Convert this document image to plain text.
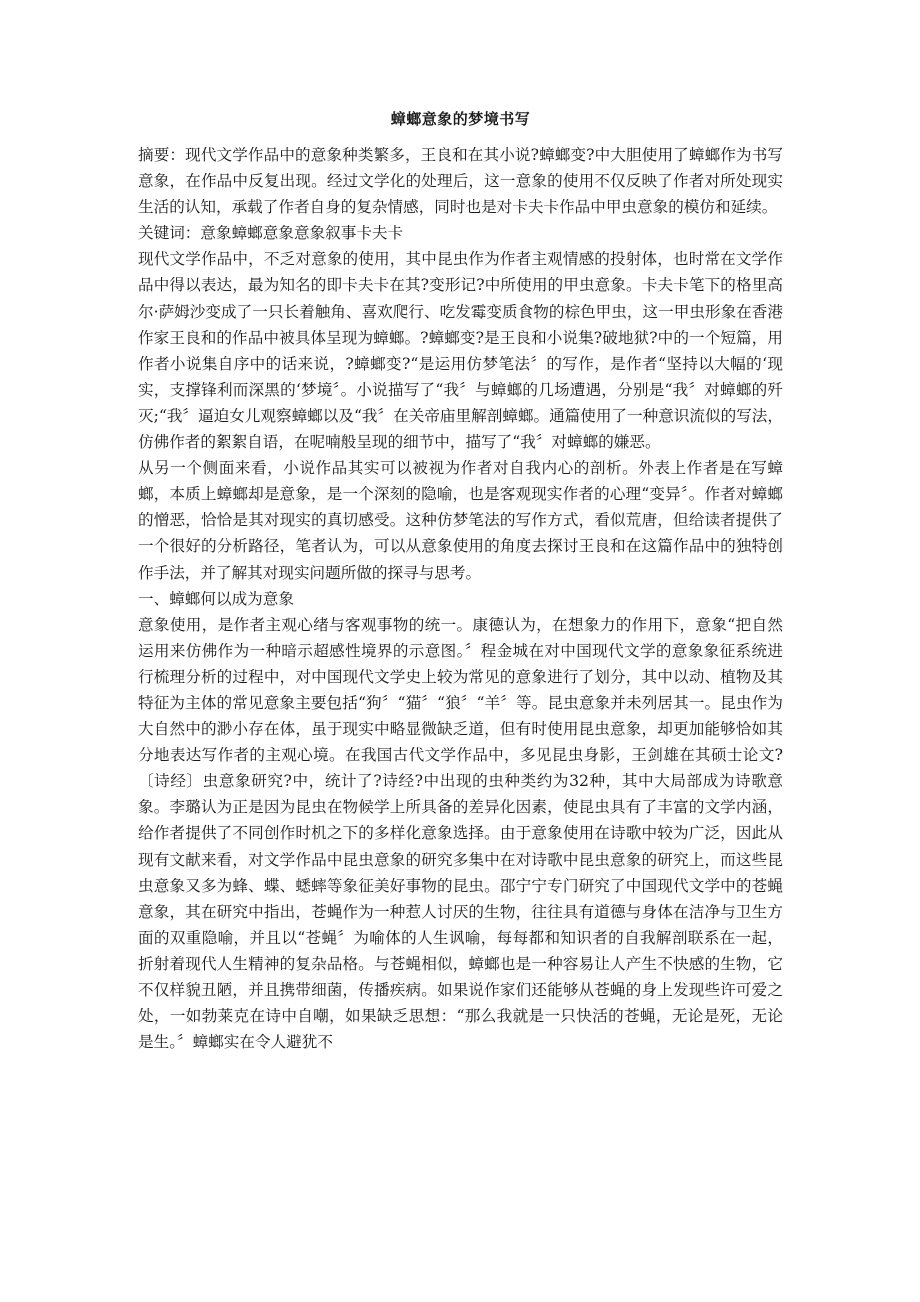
蟑螂意象的梦境书写

摘要：现代文学作品中的意象种类繁多，王良和在其小说?蟑螂变?中大胆使用了蟑螂作为书写意象，在作品中反复出现。经过文学化的处理后，这一意象的使用不仅反映了作者对所处现实生活的认知，承载了作者自身的复杂情感，同时也是对卡夫卡作品中甲虫意象的模仿和延续。

关键词：意象蟑螂意象意象叙事卡夫卡

现代文学作品中，不乏对意象的使用，其中昆虫作为作者主观情感的投射体，也时常在文学作品中得以表达，最为知名的即卡夫卡在其?变形记?中所使用的甲虫意象。卡夫卡笔下的格里高尔·萨姆沙变成了一只长着触角、喜欢爬行、吃发霉变质食物的棕色甲虫，这一甲虫形象在香港作家王良和的作品中被具体呈现为蟑螂。?蟑螂变?是王良和小说集?破地狱?中的一个短篇，用作者小说集自序中的话来说，?蟑螂变?“是运用仿梦笔法〞的写作，是作者“坚持以大幅的‘现实，支撑锋利而深黑的‘梦境〞。小说描写了“我〞与蟑螂的几场遭遇，分别是“我〞对蟑螂的歼灭;“我〞逼迫女儿观察蟑螂以及“我〞在关帝庙里解剖蟑螂。通篇使用了一种意识流似的写法，仿佛作者的絮絮自语，在呢喃般呈现的细节中，描写了“我〞对蟑螂的嫌恶。

从另一个侧面来看，小说作品其实可以被视为作者对自我内心的剖析。外表上作者是在写蟑螂，本质上蟑螂却是意象，是一个深刻的隐喻，也是客观现实作者的心理“变异〞。作者对蟑螂的憎恶，恰恰是其对现实的真切感受。这种仿梦笔法的写作方式，看似荒唐，但给读者提供了一个很好的分析路径，笔者认为，可以从意象使用的角度去探讨王良和在这篇作品中的独特创作手法，并了解其对现实问题所做的探寻与思考。

一、蟑螂何以成为意象

意象使用，是作者主观心绪与客观事物的统一。康德认为，在想象力的作用下，意象“把自然运用来仿佛作为一种暗示超感性境界的示意图。〞程金城在对中国现代文学的意象象征系统进行梳理分析的过程中，对中国现代文学史上较为常见的意象进行了划分，其中以动、植物及其特征为主体的常见意象主要包括“狗〞“猫〞“狼〞“羊〞等。昆虫意象并未列居其一。昆虫作为大自然中的渺小存在体，虽于现实中略显微缺乏道，但有时使用昆虫意象，却更加能够恰如其分地表达写作者的主观心境。在我国古代文学作品中，多见昆虫身影，王剑雄在其硕士论文?〔诗经〕虫意象研究?中，统计了?诗经?中出现的虫种类约为32种，其中大局部成为诗歌意象。李璐认为正是因为昆虫在物候学上所具备的差异化因素，使昆虫具有了丰富的文学内涵，给作者提供了不同创作时机之下的多样化意象选择。由于意象使用在诗歌中较为广泛，因此从现有文献来看，对文学作品中昆虫意象的研究多集中在对诗歌中昆虫意象的研究上，而这些昆虫意象又多为蜂、蝶、蟋蟀等象征美好事物的昆虫。邵宁宁专门研究了中国现代文学中的苍蝇意象，其在研究中指出，苍蝇作为一种惹人讨厌的生物，往往具有道德与身体在洁净与卫生方面的双重隐喻，并且以“苍蝇〞为喻体的人生讽喻，每每都和知识者的自我解剖联系在一起，折射着现代人生精神的复杂品格。与苍蝇相似，蟑螂也是一种容易让人产生不快感的生物，它不仅样貌丑陋，并且携带细菌，传播疾病。如果说作家们还能够从苍蝇的身上发现些许可爱之处，一如勃莱克在诗中自嘲，如果缺乏思想：“那么我就是一只快活的苍蝇，无论是死，无论是生。〞蟑螂实在令人避犹不
